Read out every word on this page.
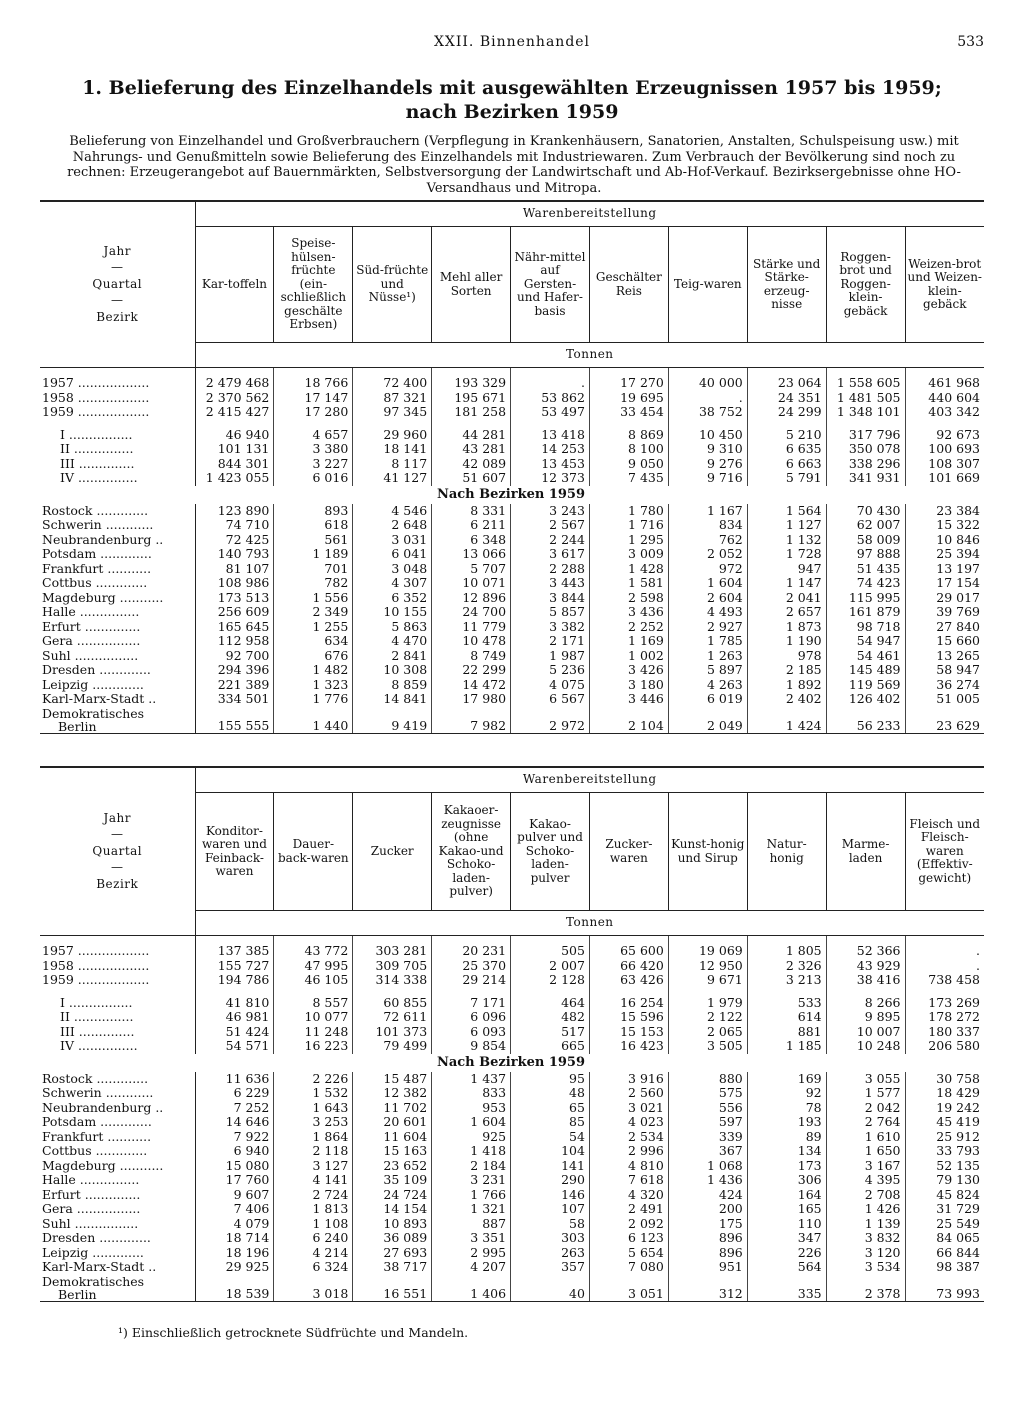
XXII. Binnenhandel	533
1. Belieferung des Einzelhandels mit ausgewählten Erzeugnissen 1957 bis 1959;
nach Bezirken 1959
Belieferung von Einzelhandel und Großverbrauchern (Verpflegung in Krankenhäusern, Sanatorien, Anstalten, Schulspeisung usw.) mit Nahrungs- und Genußmitteln sowie Belieferung des Einzelhandels mit Industriewaren. Zum Verbrauch der Bevölkerung sind noch zu rechnen: Erzeugerangebot auf Bauernmärkten, Selbstversorgung der Landwirtschaft und Ab-Hof-Verkauf. Bezirksergebnisse ohne HO-Versandhaus und Mitropa.
Jahr
—
Quartal
—
Bezirk	Warenbereitstellung									
	Kar-toffeln	Speise-hülsen-früchte (ein-schließlich geschälte Erbsen)	Süd-früchte und Nüsse¹)	Mehl aller Sorten	Nähr-mittel auf Gersten-und Hafer-basis	Geschälter Reis	Teig-waren	Stärke und Stärke-erzeug-nisse	Roggen-brot und Roggen-klein-gebäck	Weizen-brot und Weizen-klein-gebäck
	Tonnen									

1957 ..................	2 479 468	18 766	72 400	193 329	.	17 270	40 000	23 064	1 558 605	461 968
1958 ..................	2 370 562	17 147	87 321	195 671	53 862	19 695	.	24 351	1 481 505	440 604
1959 ..................	2 415 427	17 280	97 345	181 258	53 497	33 454	38 752	24 299	1 348 101	403 342

I ................	46 940	4 657	29 960	44 281	13 418	8 869	10 450	5 210	317 796	92 673
II ...............	101 131	3 380	18 141	43 281	14 253	8 100	9 310	6 635	350 078	100 693
III ..............	844 301	3 227	8 117	42 089	13 453	9 050	9 276	6 663	338 296	108 307
IV ...............	1 423 055	6 016	41 127	51 607	12 373	7 435	9 716	5 791	341 931	101 669
Nach Bezirken 1959										
Rostock .............	123 890	893	4 546	8 331	3 243	1 780	1 167	1 564	70 430	23 384
Schwerin ............	74 710	618	2 648	6 211	2 567	1 716	834	1 127	62 007	15 322
Neubrandenburg ..	72 425	561	3 031	6 348	2 244	1 295	762	1 132	58 009	10 846
Potsdam .............	140 793	1 189	6 041	13 066	3 617	3 009	2 052	1 728	97 888	25 394
Frankfurt ...........	81 107	701	3 048	5 707	2 288	1 428	972	947	51 435	13 197
Cottbus .............	108 986	782	4 307	10 071	3 443	1 581	1 604	1 147	74 423	17 154
Magdeburg ...........	173 513	1 556	6 352	12 896	3 844	2 598	2 604	2 041	115 995	29 017
Halle ...............	256 609	2 349	10 155	24 700	5 857	3 436	4 493	2 657	161 879	39 769
Erfurt ..............	165 645	1 255	5 863	11 779	3 382	2 252	2 927	1 873	98 718	27 840
Gera ................	112 958	634	4 470	10 478	2 171	1 169	1 785	1 190	54 947	15 660
Suhl ................	92 700	676	2 841	8 749	1 987	1 002	1 263	978	54 461	13 265
Dresden .............	294 396	1 482	10 308	22 299	5 236	3 426	5 897	2 185	145 489	58 947
Leipzig .............	221 389	1 323	8 859	14 472	4 075	3 180	4 263	1 892	119 569	36 274
Karl-Marx-Stadt ..	334 501	1 776	14 841	17 980	6 567	3 446	6 019	2 402	126 402	51 005

Demokratisches
Berlin	155 555	1 440	9 419	7 982	2 972	2 104	2 049	1 424	56 233	23 629
Jahr
—
Quartal
—
Bezirk	Warenbereitstellung									
	Konditor-waren und Feinback-waren	Dauer-back-waren	Zucker	Kakaoer-zeugnisse (ohne Kakao-und Schoko-laden-pulver)	Kakao-pulver und Schoko-laden-pulver	Zucker-waren	Kunst-honig und Sirup	Natur-honig	Marme-laden	Fleisch und Fleisch-waren (Effektiv-gewicht)
	Tonnen									

1957 ..................	137 385	43 772	303 281	20 231	505	65 600	19 069	1 805	52 366	.
1958 ..................	155 727	47 995	309 705	25 370	2 007	66 420	12 950	2 326	43 929	.
1959 ..................	194 786	46 105	314 338	29 214	2 128	63 426	9 671	3 213	38 416	738 458

I ................	41 810	8 557	60 855	7 171	464	16 254	1 979	533	8 266	173 269
II ...............	46 981	10 077	72 611	6 096	482	15 596	2 122	614	9 895	178 272
III ..............	51 424	11 248	101 373	6 093	517	15 153	2 065	881	10 007	180 337
IV ...............	54 571	16 223	79 499	9 854	665	16 423	3 505	1 185	10 248	206 580
Nach Bezirken 1959										
Rostock .............	11 636	2 226	15 487	1 437	95	3 916	880	169	3 055	30 758
Schwerin ............	6 229	1 532	12 382	833	48	2 560	575	92	1 577	18 429
Neubrandenburg ..	7 252	1 643	11 702	953	65	3 021	556	78	2 042	19 242
Potsdam .............	14 646	3 253	20 601	1 604	85	4 023	597	193	2 764	45 419
Frankfurt ...........	7 922	1 864	11 604	925	54	2 534	339	89	1 610	25 912
Cottbus .............	6 940	2 118	15 163	1 418	104	2 996	367	134	1 650	33 793
Magdeburg ...........	15 080	3 127	23 652	2 184	141	4 810	1 068	173	3 167	52 135
Halle ...............	17 760	4 141	35 109	3 231	290	7 618	1 436	306	4 395	79 130
Erfurt ..............	9 607	2 724	24 724	1 766	146	4 320	424	164	2 708	45 824
Gera ................	7 406	1 813	14 154	1 321	107	2 491	200	165	1 426	31 729
Suhl ................	4 079	1 108	10 893	887	58	2 092	175	110	1 139	25 549
Dresden .............	18 714	6 240	36 089	3 351	303	6 123	896	347	3 832	84 065
Leipzig .............	18 196	4 214	27 693	2 995	263	5 654	896	226	3 120	66 844
Karl-Marx-Stadt ..	29 925	6 324	38 717	4 207	357	7 080	951	564	3 534	98 387

Demokratisches
Berlin	18 539	3 018	16 551	1 406	40	3 051	312	335	2 378	73 993
¹) Einschließlich getrocknete Südfrüchte und Mandeln.
